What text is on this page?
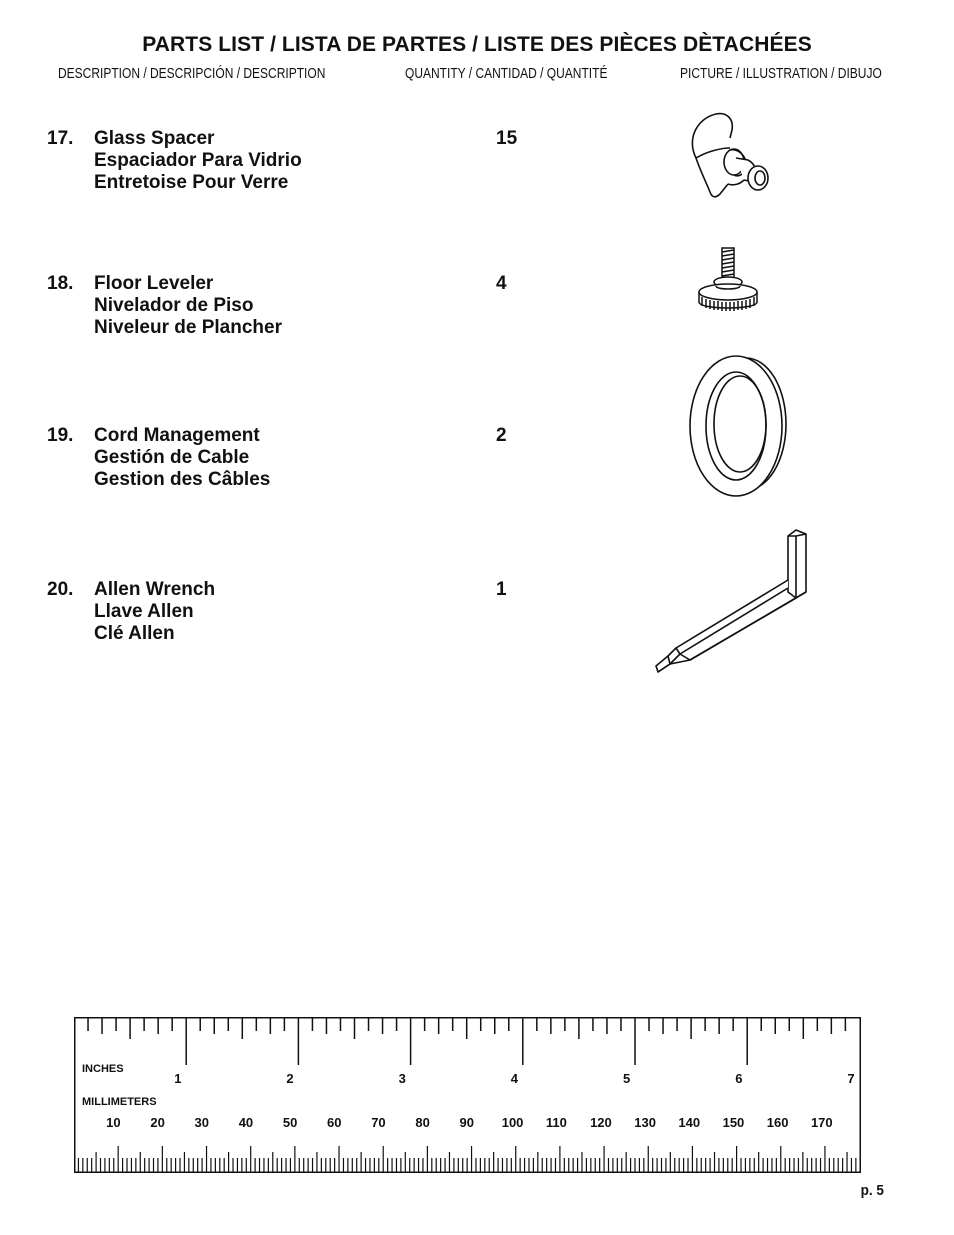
PARTS LIST / LISTA DE PARTES / LISTE DES PIÈCES DÈTACHÉES
DESCRIPTION / DESCRIPCIÓN / DESCRIPTION	QUANTITY / CANTIDAD / QUANTITÉ	PICTURE / ILLUSTRATION / DIBUJO
17. Glass Spacer
Espaciador Para Vidrio
Entretoise Pour Verre
15
18. Floor Leveler
Nivelador de Piso
Niveleur de Plancher
4
19. Cord Management
Gestión de Cable
Gestion des Câbles
2
20. Allen Wrench
Llave Allen
Clé Allen
1
INCHES
MILLIMETERS
1	2	3	4	5	6	7
10 20 30 40 50 60 70 80 90 100 110 120 130 140 150 160 170
p. 5
